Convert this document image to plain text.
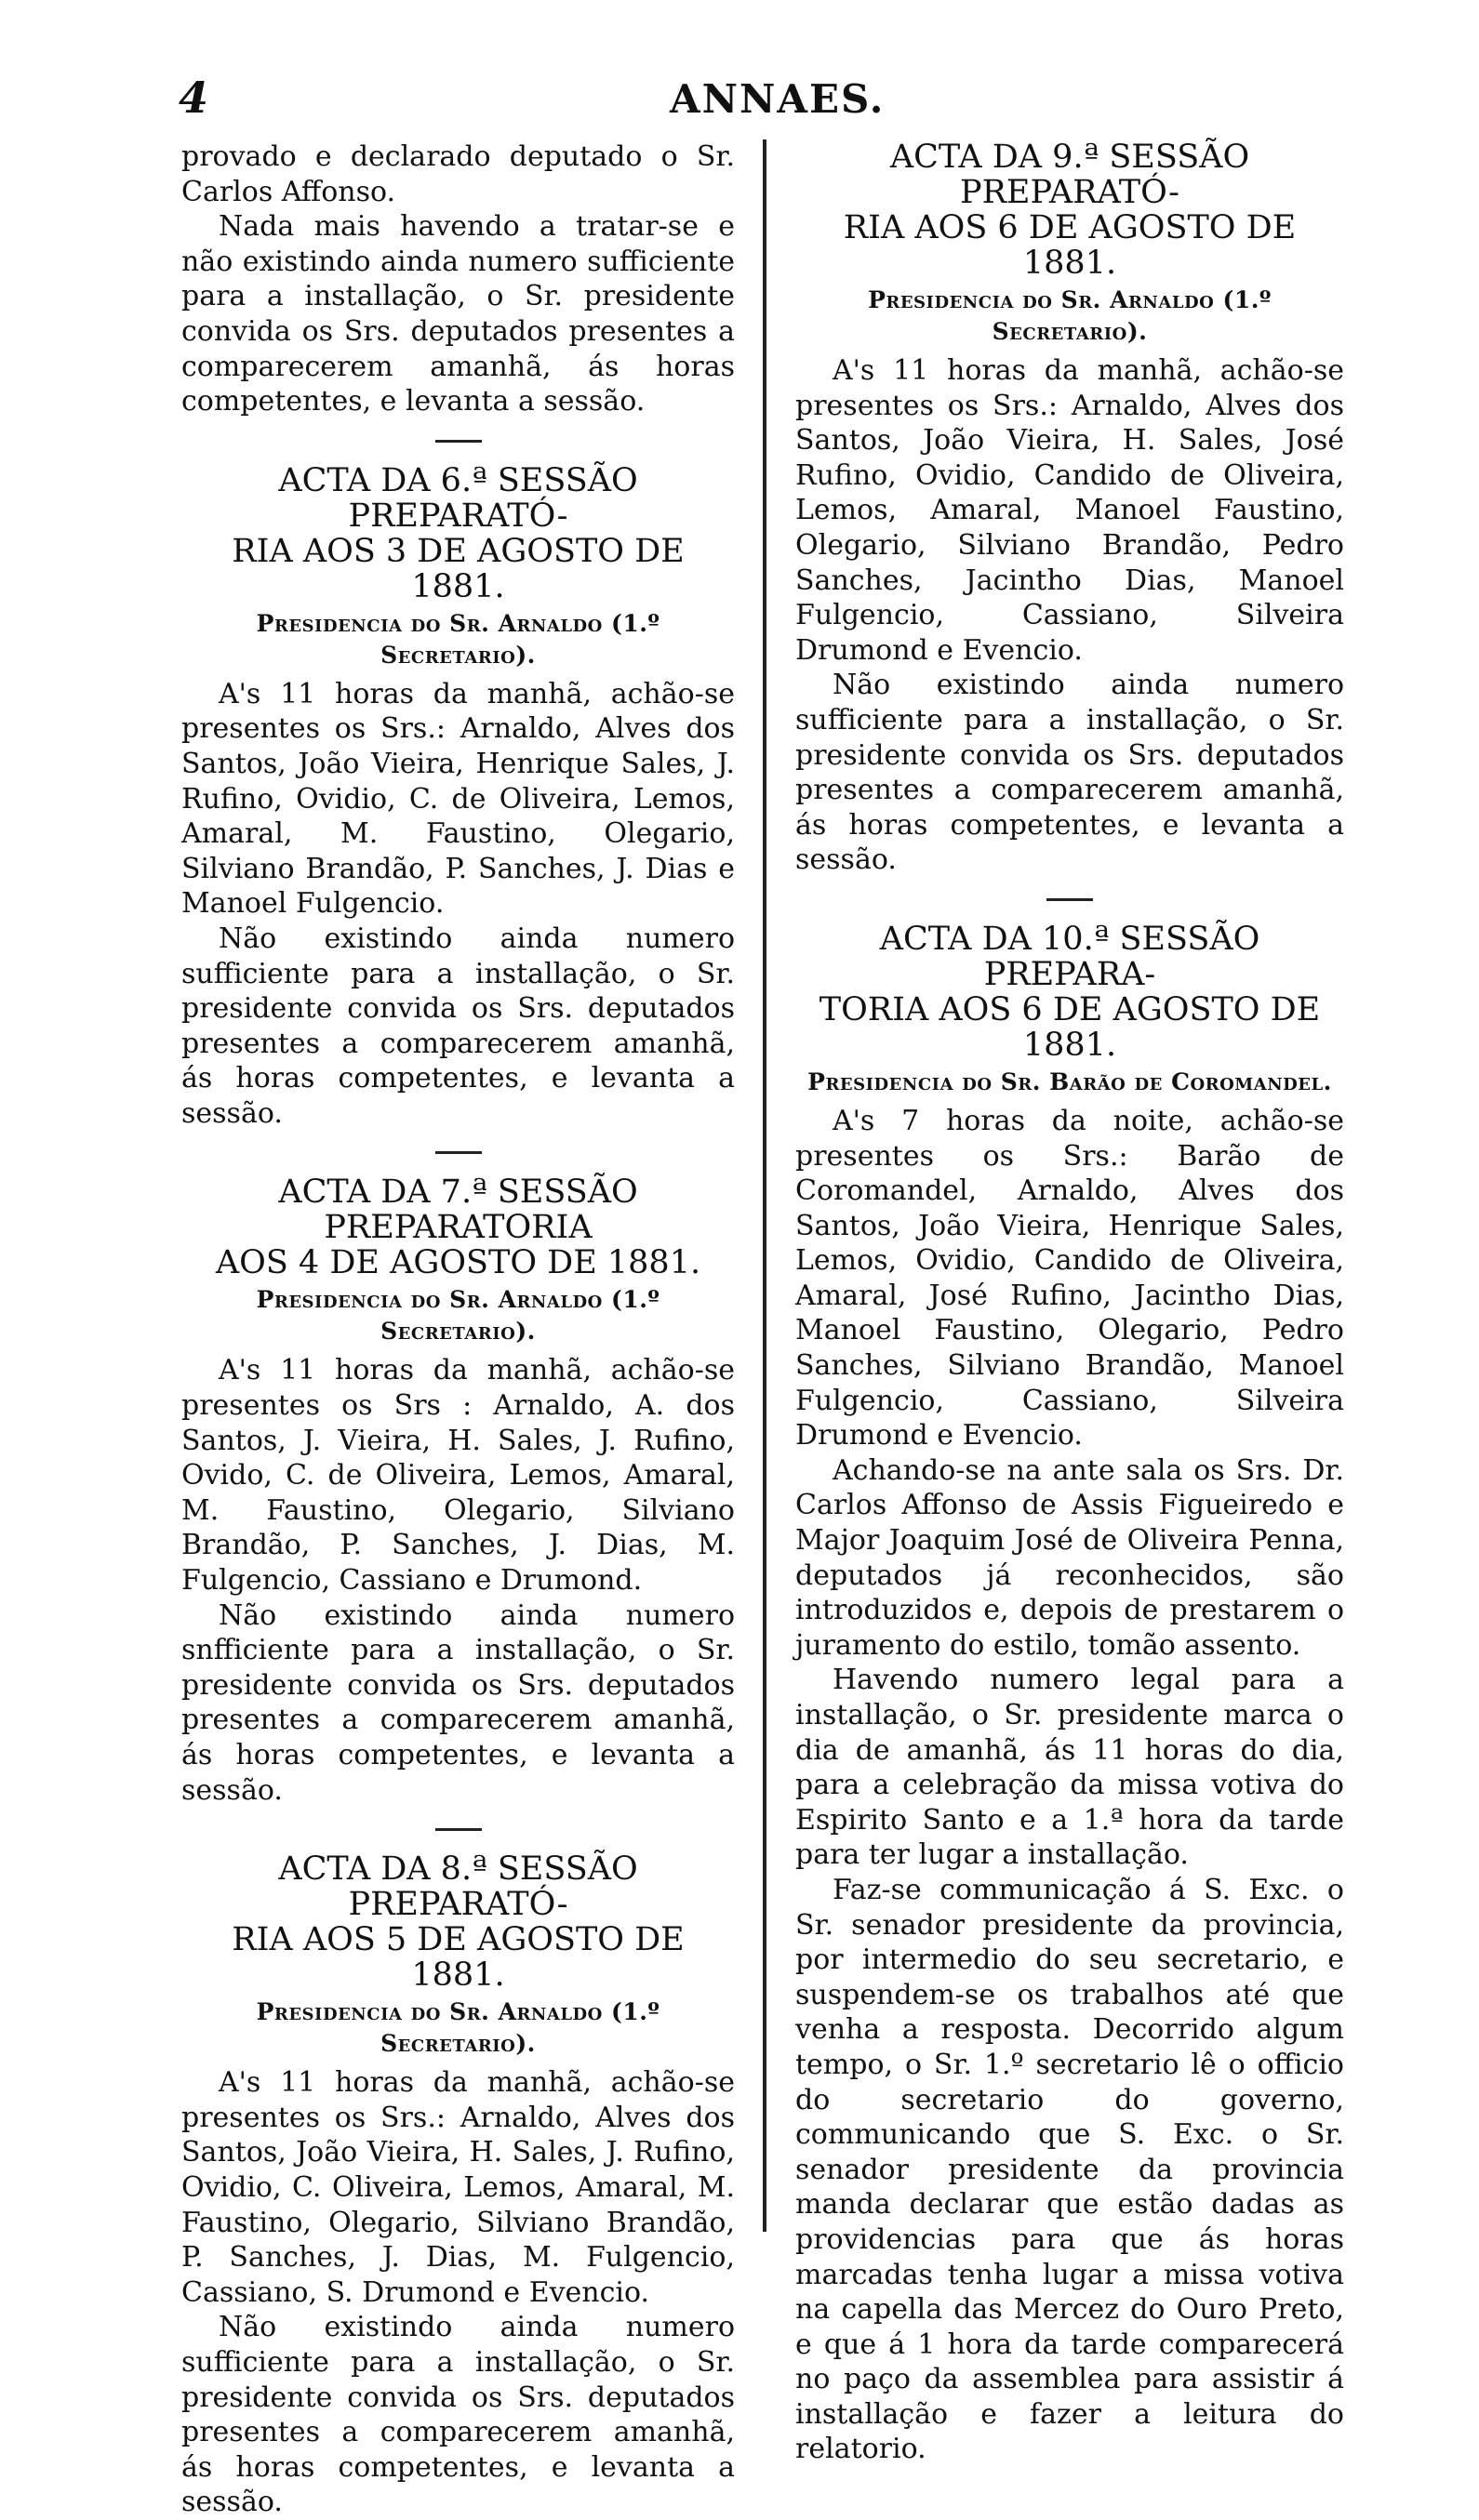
4	ANNAES.

provado e declarado deputado o Sr. Carlos Affonso.

Nada mais havendo a tratar-se e não existindo ainda numero sufficiente para a installação, o Sr. presidente convida os Srs. deputados presentes a comparecerem amanhã, ás horas competentes, e levanta a sessão.

ACTA DA 6.ª SESSÃO PREPARATÓ-
RIA AOS 3 DE AGOSTO DE 1881.
Presidencia do Sr. Arnaldo (1.º Secretario).

A's 11 horas da manhã, achão-se presentes os Srs.: Arnaldo, Alves dos Santos, João Vieira, Henrique Sales, J. Rufino, Ovidio, C. de Oliveira, Lemos, Amaral, M. Faustino, Olegario, Silviano Brandão, P. Sanches, J. Dias e Manoel Fulgencio.

Não existindo ainda numero sufficiente para a installação, o Sr. presidente convida os Srs. deputados presentes a comparecerem amanhã, ás horas competentes, e levanta a sessão.

ACTA DA 7.ª SESSÃO PREPARATORIA
AOS 4 DE AGOSTO DE 1881.
Presidencia do Sr. Arnaldo (1.º Secretario).

A's 11 horas da manhã, achão-se presentes os Srs : Arnaldo, A. dos Santos, J. Vieira, H. Sales, J. Rufino, Ovido, C. de Oliveira, Lemos, Amaral, M. Faustino, Olegario, Silviano Brandão, P. Sanches, J. Dias, M. Fulgencio, Cassiano e Drumond.

Não existindo ainda numero snfficiente para a installação, o Sr. presidente convida os Srs. deputados presentes a comparecerem amanhã, ás horas competentes, e levanta a sessão.

ACTA DA 8.ª SESSÃO PREPARATÓ-
RIA AOS 5 DE AGOSTO DE 1881.
Presidencia do Sr. Arnaldo (1.º Secretario).

A's 11 horas da manhã, achão-se presentes os Srs.: Arnaldo, Alves dos Santos, João Vieira, H. Sales, J. Rufino, Ovidio, C. Oliveira, Lemos, Amaral, M. Faustino, Olegario, Silviano Brandão, P. Sanches, J. Dias, M. Fulgencio, Cassiano, S. Drumond e Evencio.

Não existindo ainda numero sufficiente para a installação, o Sr. presidente convida os Srs. deputados presentes a comparecerem amanhã, ás horas competentes, e levanta a sessão.

ACTA DA 9.ª SESSÃO PREPARATÓ-
RIA AOS 6 DE AGOSTO DE 1881.
Presidencia do Sr. Arnaldo (1.º Secretario).

A's 11 horas da manhã, achão-se presentes os Srs.: Arnaldo, Alves dos Santos, João Vieira, H. Sales, José Rufino, Ovidio, Candido de Oliveira, Lemos, Amaral, Manoel Faustino, Olegario, Silviano Brandão, Pedro Sanches, Jacintho Dias, Manoel Fulgencio, Cassiano, Silveira Drumond e Evencio.

Não existindo ainda numero sufficiente para a installação, o Sr. presidente convida os Srs. deputados presentes a comparecerem amanhã, ás horas competentes, e levanta a sessão.

ACTA DA 10.ª SESSÃO PREPARA-
TORIA AOS 6 DE AGOSTO DE 1881.
Presidencia do Sr. Barão de Coromandel.

A's 7 horas da noite, achão-se presentes os Srs.: Barão de Coromandel, Arnaldo, Alves dos Santos, João Vieira, Henrique Sales, Lemos, Ovidio, Candido de Oliveira, Amaral, José Rufino, Jacintho Dias, Manoel Faustino, Olegario, Pedro Sanches, Silviano Brandão, Manoel Fulgencio, Cassiano, Silveira Drumond e Evencio.

Achando-se na ante sala os Srs. Dr. Carlos Affonso de Assis Figueiredo e Major Joaquim José de Oliveira Penna, deputados já reconhecidos, são introduzidos e, depois de prestarem o juramento do estilo, tomão assento.

Havendo numero legal para a installação, o Sr. presidente marca o dia de amanhã, ás 11 horas do dia, para a celebração da missa votiva do Espirito Santo e a 1.ª hora da tarde para ter lugar a installação.

Faz-se communicação á S. Exc. o Sr. senador presidente da provincia, por intermedio do seu secretario, e suspendem-se os trabalhos até que venha a resposta. Decorrido algum tempo, o Sr. 1.º secretario lê o officio do secretario do governo, communicando que S. Exc. o Sr. senador presidente da provincia manda declarar que estão dadas as providencias para que ás horas marcadas tenha lugar a missa votiva na capella das Mercez do Ouro Preto, e que á 1 hora da tarde comparecerá no paço da assemblea para assistir á installação e fazer a leitura do relatorio.
